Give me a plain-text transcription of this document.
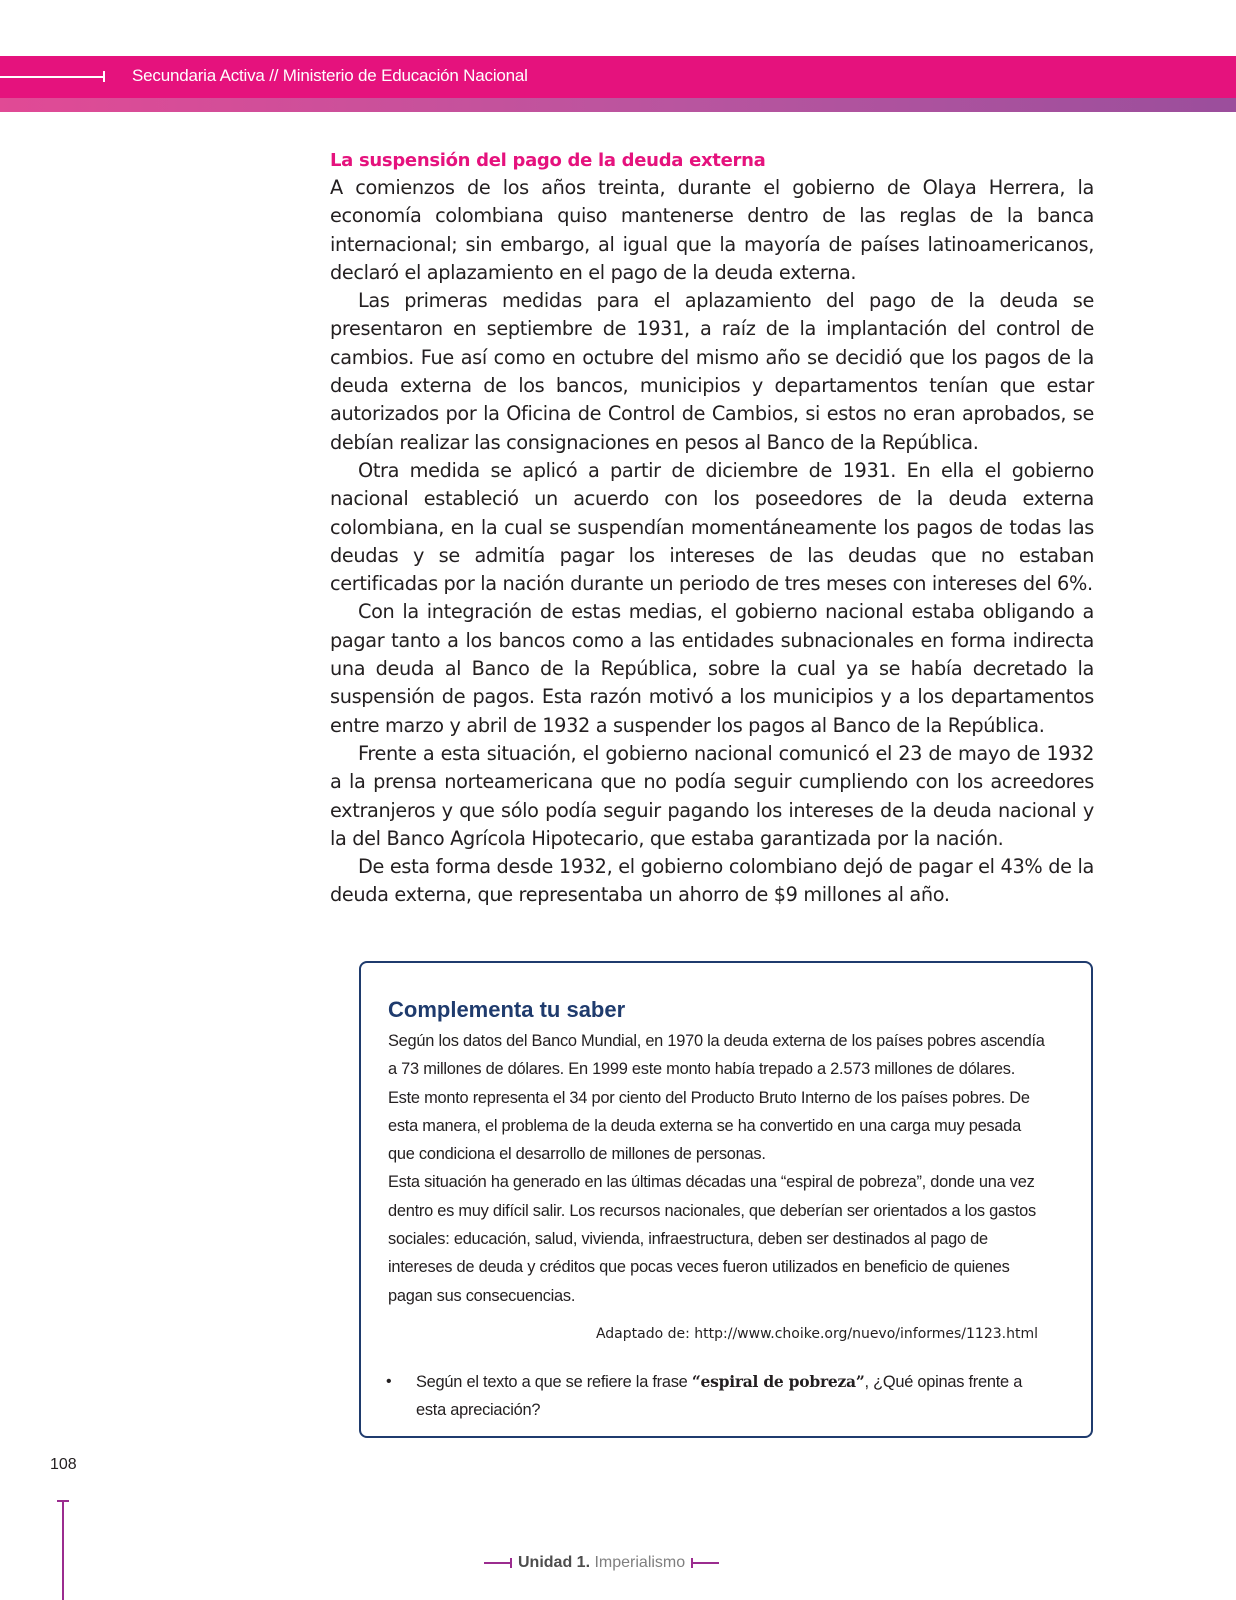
Secundaria Activa // Ministerio de Educación Nacional
La suspensión del pago de la deuda externa

A comienzos de los años treinta, durante el gobierno de Olaya Herrera, la economía colombiana quiso mantenerse dentro de las reglas de la banca internacional; sin embargo, al igual que la mayoría de países latinoamericanos, declaró el aplazamiento en el pago de la deuda externa.

Las primeras medidas para el aplazamiento del pago de la deuda se presentaron en septiembre de 1931, a raíz de la implantación del control de cambios. Fue así como en octubre del mismo año se decidió que los pagos de la deuda externa de los bancos, municipios y departamentos tenían que estar autorizados por la Oficina de Control de Cambios, si estos no eran aprobados, se debían realizar las consignaciones en pesos al Banco de la República.

Otra medida se aplicó a partir de diciembre de 1931. En ella el gobierno nacional estableció un acuerdo con los poseedores de la deuda externa colombiana, en la cual se suspendían momentáneamente los pagos de todas las deudas y se admitía pagar los intereses de las deudas que no estaban certificadas por la nación durante un periodo de tres meses con intereses del 6%.

Con la integración de estas medias, el gobierno nacional estaba obligando a pagar tanto a los bancos como a las entidades subnacionales en forma indirecta una deuda al Banco de la República, sobre la cual ya se había decretado la suspensión de pagos. Esta razón motivó a los municipios y a los departamentos entre marzo y abril de 1932 a suspender los pagos al Banco de la República.

Frente a esta situación, el gobierno nacional comunicó el 23 de mayo de 1932 a la prensa norteamericana que no podía seguir cumpliendo con los acreedores extranjeros y que sólo podía seguir pagando los intereses de la deuda nacional y la del Banco Agrícola Hipotecario, que estaba garantizada por la nación.

De esta forma desde 1932, el gobierno colombiano dejó de pagar el 43% de la deuda externa, que representaba un ahorro de $9 millones al año.

Complementa tu saber
Según los datos del Banco Mundial, en 1970 la deuda externa de los países pobres ascendía a 73 millones de dólares. En 1999 este monto había trepado a 2.573 millones de dólares. Este monto representa el 34 por ciento del Producto Bruto Interno de los países pobres. De esta manera, el problema de la deuda externa se ha convertido en una carga muy pesada que condiciona el desarrollo de millones de personas.
Esta situación ha generado en las últimas décadas una “espiral de pobreza”, donde una vez dentro es muy difícil salir. Los recursos nacionales, que deberían ser orientados a los gastos sociales: educación, salud, vivienda, infraestructura, deben ser destinados al pago de intereses de deuda y créditos que pocas veces fueron utilizados en beneficio de quienes pagan sus consecuencias.

Adaptado de: http://www.choike.org/nuevo/informes/1123.html

• Según el texto a que se refiere la frase “espiral de pobreza”, ¿Qué opinas frente a esta apreciación?

108
Unidad 1. Imperialismo
